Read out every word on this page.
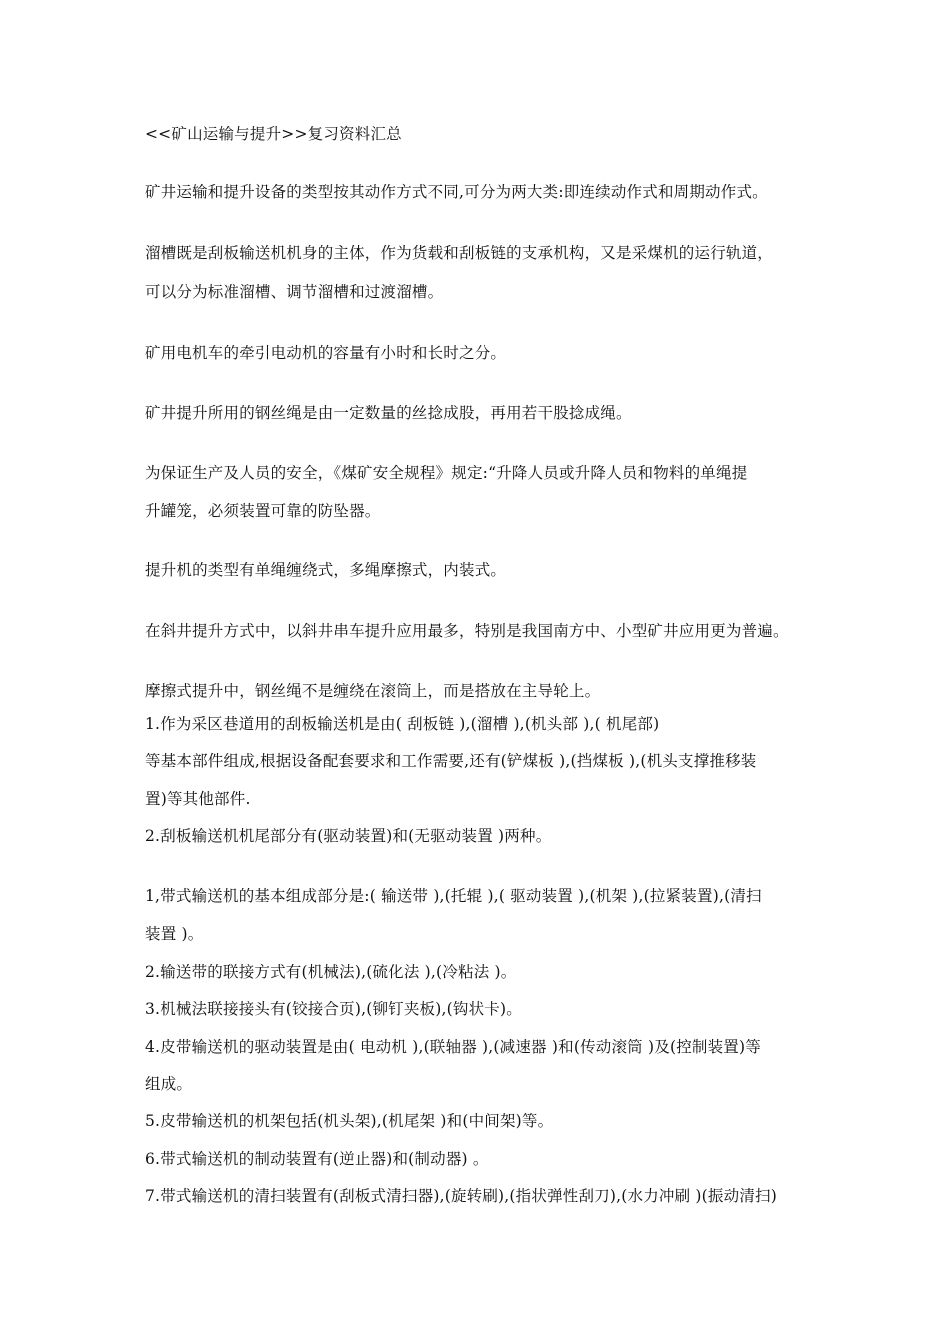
<<矿山运输与提升>>复习资料汇总

矿井运输和提升设备的类型按其动作方式不同,可分为两大类:即连续动作式和周期动作式。

溜槽既是刮板输送机机身的主体，作为货载和刮板链的支承机构，又是采煤机的运行轨道，

可以分为标准溜槽、调节溜槽和过渡溜槽。

矿用电机车的牵引电动机的容量有小时和长时之分。

矿井提升所用的钢丝绳是由一定数量的丝捻成股，再用若干股捻成绳。

为保证生产及人员的安全，《煤矿安全规程》规定:“升降人员或升降人员和物料的单绳提

升罐笼，必须装置可靠的防坠器。

提升机的类型有单绳缠绕式，多绳摩擦式，内装式。

在斜井提升方式中，以斜井串车提升应用最多，特别是我国南方中、小型矿井应用更为普遍。

摩擦式提升中，钢丝绳不是缠绕在滚筒上，而是搭放在主导轮上。

1.作为采区巷道用的刮板输送机是由( 刮板链 ),(溜槽 ),(机头部 ),( 机尾部)

等基本部件组成,根据设备配套要求和工作需要,还有(铲煤板 ),(挡煤板 ),(机头支撑推移装

置)等其他部件.

2.刮板输送机机尾部分有(驱动装置)和(无驱动装置 )两种。

1,带式输送机的基本组成部分是:( 输送带 ),(托辊 ),( 驱动装置 ),(机架 ),(拉紧装置),(清扫

装置 )。

2.输送带的联接方式有(机械法),(硫化法 ),(冷粘法 )。

3.机械法联接接头有(铰接合页),(铆钉夹板),(钩状卡)。

4.皮带输送机的驱动装置是由( 电动机 ),(联轴器 ),(减速器 )和(传动滚筒 )及(控制装置)等

组成。

5.皮带输送机的机架包括(机头架),(机尾架 )和(中间架)等。

6.带式输送机的制动装置有(逆止器)和(制动器) 。

7.带式输送机的清扫装置有(刮板式清扫器),(旋转刷),(指状弹性刮刀),(水力冲刷 )(振动清扫)
